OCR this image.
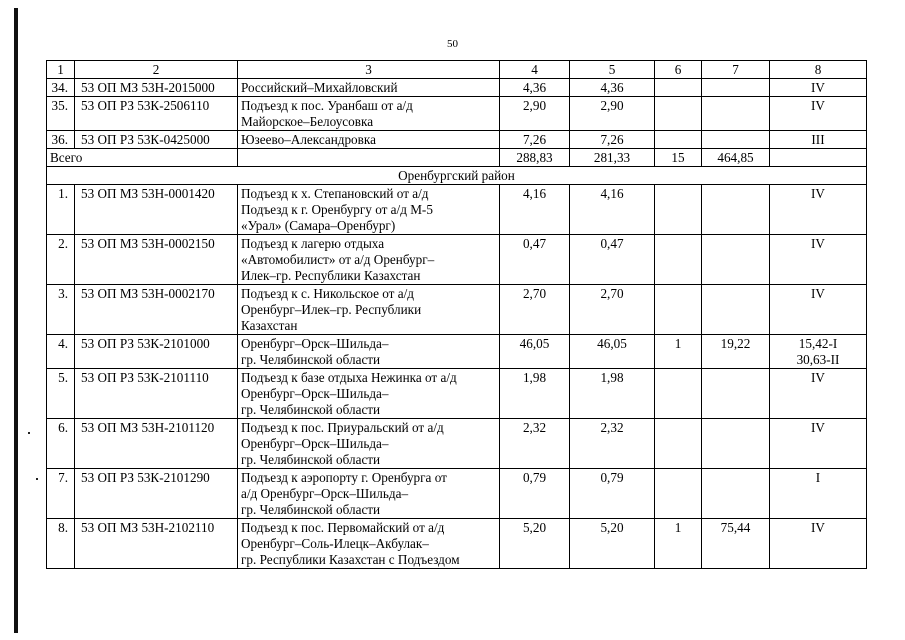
50
1	2	3	4	5	6	7	8
34.	53 ОП МЗ 53Н-2015000	Российский–Михайловский	4,36	4,36			IV
35.	53 ОП РЗ 53К-2506110	Подъезд к пос. Уранбаш от а/д
Майорское–Белоусовка	2,90	2,90			IV
36.	53 ОП РЗ 53К-0425000	Юзеево–Александровка	7,26	7,26			III
Всего			288,83	281,33	15	464,85	
Оренбургский район							
1.	53 ОП МЗ 53Н-0001420	Подъезд к х. Степановский от а/д
Подъезд к г. Оренбургу от а/д М-5
«Урал» (Самара–Оренбург)	4,16	4,16			IV
2.	53 ОП МЗ 53Н-0002150	Подъезд к лагерю отдыха
«Автомобилист» от а/д Оренбург–
Илек–гр. Республики Казахстан	0,47	0,47			IV
3.	53 ОП МЗ 53Н-0002170	Подъезд к с. Никольское от а/д
Оренбург–Илек–гр. Республики
Казахстан	2,70	2,70			IV
4.	53 ОП РЗ 53К-2101000	Оренбург–Орск–Шильда–
гр. Челябинской области	46,05	46,05	1	19,22	15,42-I
30,63-II
5.	53 ОП РЗ 53К-2101110	Подъезд к базе отдыха Нежинка от а/д
Оренбург–Орск–Шильда–
гр. Челябинской области	1,98	1,98			IV
6.	53 ОП МЗ 53Н-2101120	Подъезд к пос. Приуральский от а/д
Оренбург–Орск–Шильда–
гр. Челябинской области	2,32	2,32			IV
7.	53 ОП РЗ 53К-2101290	Подъезд к аэропорту г. Оренбурга от
а/д Оренбург–Орск–Шильда–
гр. Челябинской области	0,79	0,79			I
8.	53 ОП МЗ 53Н-2102110	Подъезд к пос. Первомайский от а/д
Оренбург–Соль-Илецк–Акбулак–
гр. Республики Казахстан с Подъездом	5,20	5,20	1	75,44	IV
